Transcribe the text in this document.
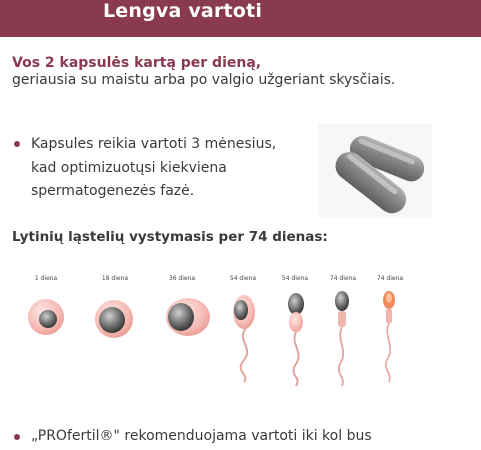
Lengva vartoti
Vos 2 kapsulės kartą per dieną,
geriausia su maistu arba po valgio užgeriant skysčiais.
Kapsules reikia vartoti 3 mėnesius,
kad optimizuotųsi kiekviena
spermatogenezės fazė.
Lytinių ląstelių vystymasis per 74 dienas:
1 diena	18 diena	36 diena	54 diena	54 diena	74 diena	74 diena
„PROfertil®" rekomenduojama vartoti iki kol bus
